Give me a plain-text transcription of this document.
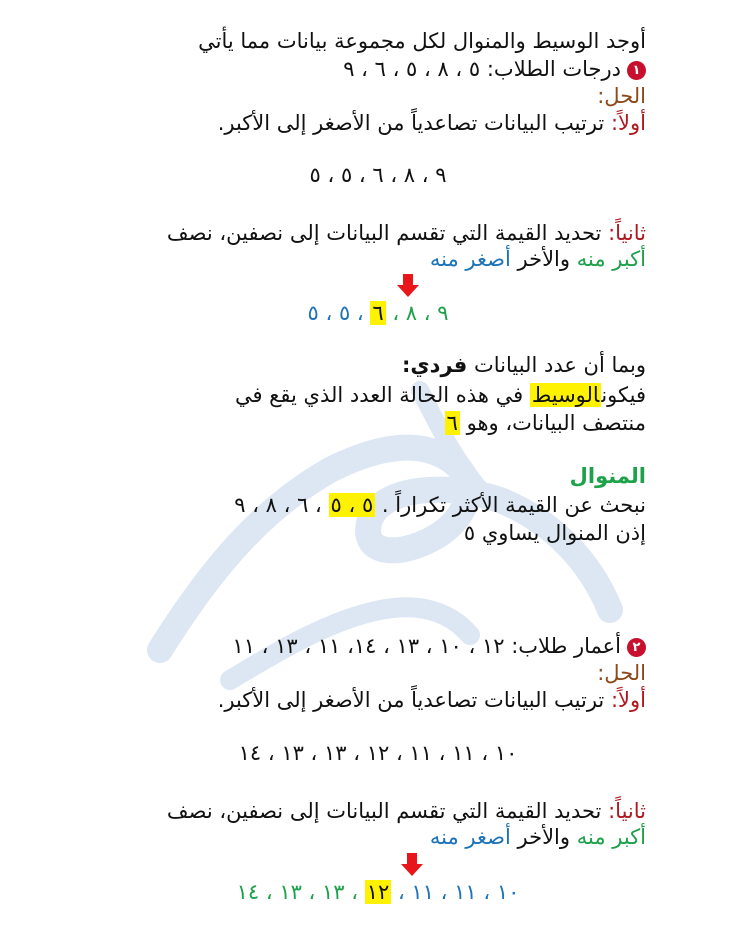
أوجد الوسيط والمنوال لكل مجموعة بيانات مما يأتي
١درجات الطلاب: ٥ ، ٨ ، ٥ ، ٦ ، ٩
الحل:
أولاً: ترتيب البيانات تصاعدياً من الأصغر إلى الأكبر.
٩ ، ٨ ، ٦ ، ٥ ، ٥
ثانياً: تحديد القيمة التي تقسم البيانات إلى نصفين، نصف
أكبر منه والأخر أصغر منه
٩ ، ٨ ، ٦ ، ٥ ، ٥
وبما أن عدد البيانات فردي:
فيكونالوسيط في هذه الحالة العدد الذي يقع في
منتصف البيانات، وهو ٦
المنوال
نبحث عن القيمة الأكثر تكراراً . ٥ ، ٥ ، ٦ ، ٨ ، ٩
إذن المنوال يساوي ٥
٢أعمار طلاب: ١٢ ، ١٠ ، ١٣ ، ١٤، ١١ ، ١٣ ، ١١
الحل:
أولاً: ترتيب البيانات تصاعدياً من الأصغر إلى الأكبر.
١٠ ، ١١ ، ١١ ، ١٢ ، ١٣ ، ١٣ ، ١٤
ثانياً: تحديد القيمة التي تقسم البيانات إلى نصفين، نصف
أكبر منه والأخر أصغر منه
١٠ ، ١١ ، ١١ ، ١٢ ، ١٣ ، ١٣ ، ١٤
